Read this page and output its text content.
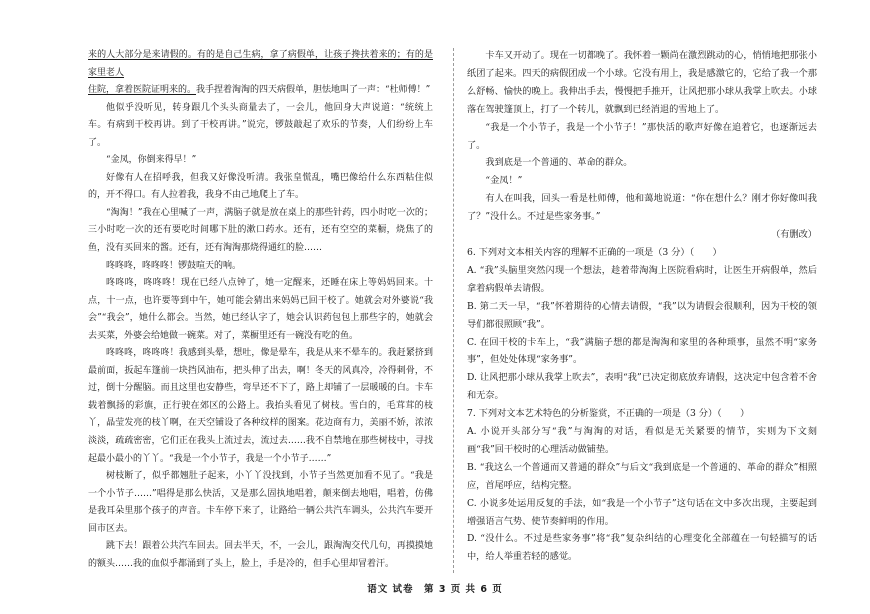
来的人大部分是来请假的。有的是自己生病，拿了病假单，让孩子搀扶着来的；有的是家里老人
住院，拿着医院证明来的。我手捏着淘淘的四天病假单，胆怯地叫了一声：“杜师傅！”

他似乎没听见，转身跟几个头头商量去了，一会儿，他回身大声说道：“统统上车。有病到干校再讲。到了干校再讲。”说完，锣鼓敲起了欢乐的节奏，人们纷纷上车了。

“金凤，你倒来得早！”

好像有人在招呼我，但我又好像没听清。我张皇慌乱，嘴巴像给什么东西粘住似的，开不得口。有人拉着我，我身不由己地爬上了车。

“淘淘！”我在心里喊了一声，满脑子就是放在桌上的那些针药，四小时吃一次的；三小时吃一次的还有要吃时间哪下肚的漱口药水。还有，还有空空的菜橱，烧焦了的鱼，没有买回来的酱。还有，还有淘淘那烧得通红的脸……

咚咚咚，咚咚咚！锣鼓喧天的响。

咚咚咚，咚咚咚！现在已经八点钟了，她一定醒来，还睡在床上等妈妈回来。十点，十一点，也许要等到中午，她可能会猜出来妈妈已回干校了。她就会对外婆说“我会”“我会”，她什么都会。当然，她已经认字了，她会认识药包包上那些字的，她就会去买菜，外婆会给她做一碗菜。对了，菜橱里还有一碗没有吃的鱼。

咚咚咚，咚咚咚！我感到头晕，想吐，像是晕车，我是从来不晕车的。我赶紧挤到最前面，扳起车篷前一块挡风油布，把头伸了出去，啊！冬天的风真冷，冷得刺骨，不过，倒十分醒脑。而且这里也安静些，弯旱还不下了，路上却铺了一层暖暖的白。卡车载着飘扬的彩旗，正行驶在郊区的公路上。我抬头看见了树枝。雪白的，毛茸茸的枝丫，晶莹发亮的枝丫啊，在天空铺设了各种纹样的图案。花边商有力，美丽不娇，浓浓淡淡，疏疏密密，它们正在我头上流过去，流过去……我不自禁地在那些树枝中，寻找起最小最小的丫丫。“我是一个小节子，我是一个小节子……”

树枝断了，似乎都翘肚子起来，小丫丫没找到，小节子当然更加看不见了。“我是一个小节子……”唱得是那么快活，又是那么固执地唱着，颠来倒去地唱，唱着，仿佛是我耳朵里那个孩子的声音。卡车停下来了，让路给一辆公共汽车调头，公共汽车要开回市区去。

跳下去！跟着公共汽车回去。回去半天，不，一会儿，跟淘淘交代几句，再摸摸她的额头……我的血似乎都涌到了头上，脸上，手是冷的，但手心里却冒着汗。

卡车又开动了。现在一切都晚了。我怀着一颗尚在激烈跳动的心，悄悄地把那张小纸团了起来。四天的病假团成一个小球。它没有用上，我是感激它的，它给了我一个那么舒畅、愉快的晚上。我伸出手去，慢慢把手推开，让风把那小球从我掌上吹去。小球落在驾驶篷顶上，打了一个转儿，就飘到已经消退的雪地上了。

“我是一个小节子，我是一个小节子！”那快活的歌声好像在追着它，也逐渐远去了。

我到底是一个普通的、革命的群众。

“金凤！”

有人在叫我，回头一看是杜师傅，他和蔼地说道：“你在想什么？刚才你好像叫我了？”没什么。不过是些家务事。”

（有删改）

6. 下列对文本相关内容的理解不正确的一项是（3 分）（　　）

A. “我”头脑里突然闪现一个想法，趁着带淘淘上医院看病时，让医生开病假单，然后拿着病假单去请假。

B. 第二天一早，“我”怀着期待的心情去请假，“我”以为请假会很顺利，因为干校的领导们都很照顾“我”。

C. 在回干校的卡车上，“我”满脑子想的都是淘淘和家里的各种琐事，虽然不明“家务事”，但处处体现“家务事”。

D. 让风把那小球从我掌上吹去”，表明“我”已决定彻底放弃请假，这决定中包含着不舍和无奈。

7. 下列对文本艺术特色的分析鉴赏，不正确的一项是（3 分）（　　）

A. 小说开头部分写“我”与淘淘的对话，看似是无关紧要的情节，实则为下文刻画“我”回干校时的心理活动做铺垫。

B. “我这么一个普通而又普通的群众”与后文“我到底是一个普通的、革命的群众”相照应，首尾呼应，结构完整。

C. 小说多处运用反复的手法，如“我是一个小节子”这句话在文中多次出现，主要起到增强语言气势、使节奏鲜明的作用。

D. “没什么。不过是些家务事”将“我”复杂纠结的心理变化全部蕴在一句轻描写的话中，给人举重若轻的感觉。

语文 试卷　第 3 页 共 6 页
